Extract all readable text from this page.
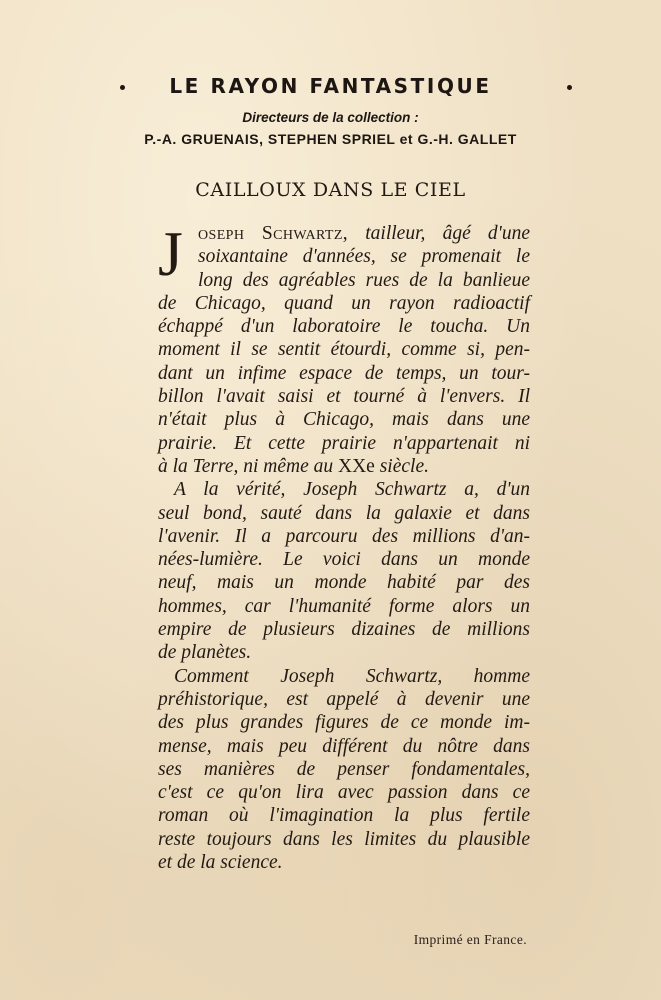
LE RAYON FANTASTIQUE
Directeurs de la collection :
P.-A. GRUENAIS, STEPHEN SPRIEL et G.-H. GALLET
CAILLOUX DANS LE CIEL
J oseph Schwartz, tailleur, âgé d'une
soixantaine d'années, se promenait le
long des agréables rues de la banlieue
de Chicago, quand un rayon radioactif
échappé d'un laboratoire le toucha. Un
moment il se sentit étourdi, comme si, pen-
dant un infime espace de temps, un tour-
billon l'avait saisi et tourné à l'envers. Il
n'était plus à Chicago, mais dans une
prairie. Et cette prairie n'appartenait ni
à la Terre, ni même au XXe siècle.
A la vérité, Joseph Schwartz a, d'un
seul bond, sauté dans la galaxie et dans
l'avenir. Il a parcouru des millions d'an-
nées-lumière. Le voici dans un monde
neuf, mais un monde habité par des
hommes, car l'humanité forme alors un
empire de plusieurs dizaines de millions
de planètes.
Comment Joseph Schwartz, homme
préhistorique, est appelé à devenir une
des plus grandes figures de ce monde im-
mense, mais peu différent du nôtre dans
ses manières de penser fondamentales,
c'est ce qu'on lira avec passion dans ce
roman où l'imagination la plus fertile
reste toujours dans les limites du plausible
et de la science.
Imprimé en France.
